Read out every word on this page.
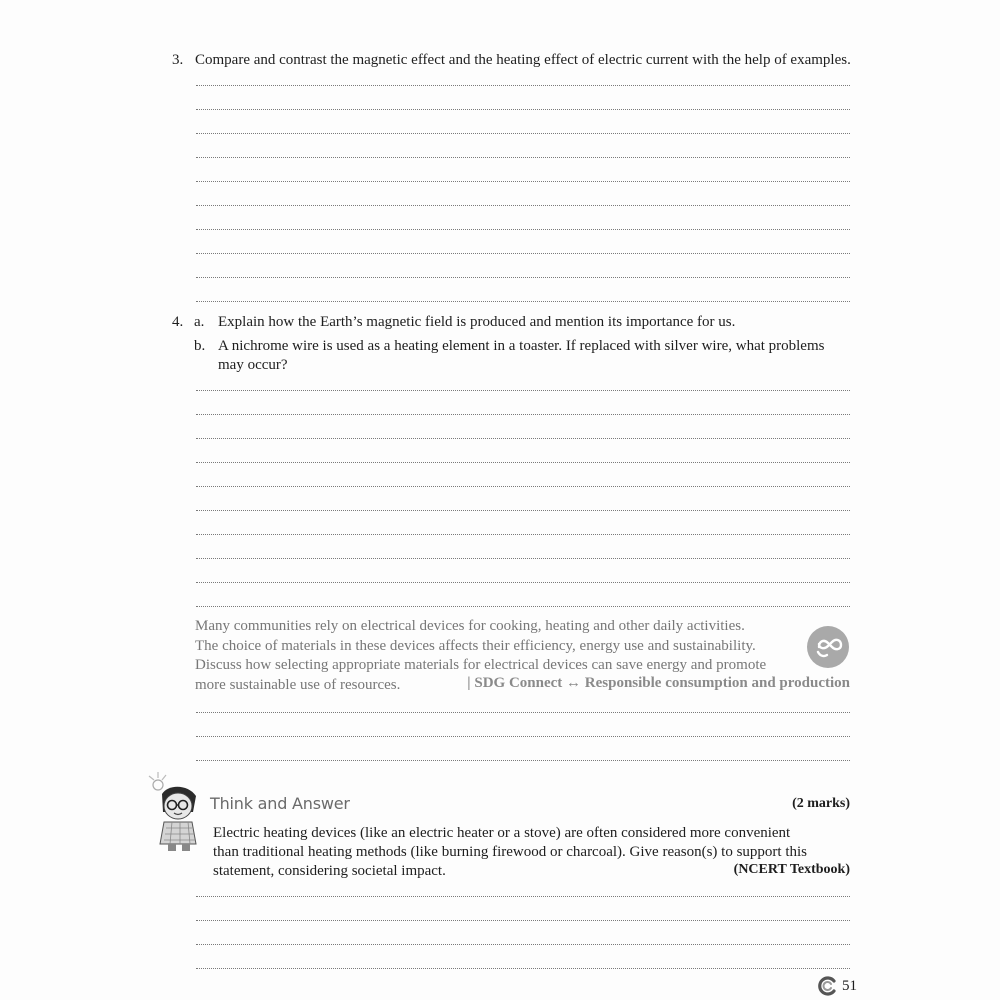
3. Compare and contrast the magnetic effect and the heating effect of electric current with the help of examples.
4. a. Explain how the Earth’s magnetic field is produced and mention its importance for us.
b. A nichrome wire is used as a heating element in a toaster. If replaced with silver wire, what problems
may occur?
Many communities rely on electrical devices for cooking, heating and other daily activities.
The choice of materials in these devices affects their efficiency, energy use and sustainability.
Discuss how selecting appropriate materials for electrical devices can save energy and promote
more sustainable use of resources.	| SDG Connect ↔ Responsible consumption and production
Think and Answer	(2 marks)
Electric heating devices (like an electric heater or a stove) are often considered more convenient
than traditional heating methods (like burning firewood or charcoal). Give reason(s) to support this
statement, considering societal impact.	(NCERT Textbook)
51
